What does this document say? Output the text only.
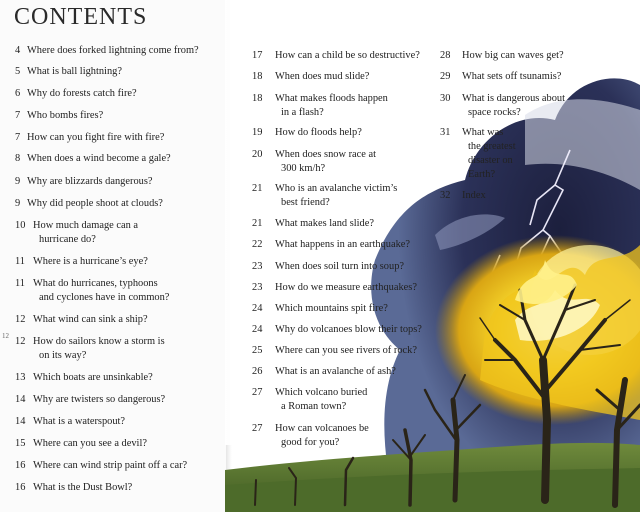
CONTENTS
12
4 Where does forked lightning come from?
5 What is ball lightning?
6 Why do forests catch fire?
7 Who bombs fires?
7 How can you fight fire with fire?
8 When does a wind become a gale?
9 Why are blizzards dangerous?
9 Why did people shoot at clouds?
10 How much damage can a
hurricane do?
11 Where is a hurricane’s eye?
11 What do hurricanes, typhoons
and cyclones have in common?
12 What wind can sink a ship?
12 How do sailors know a storm is
on its way?
13 Which boats are unsinkable?
14 Why are twisters so dangerous?
14 What is a waterspout?
15 Where can you see a devil?
16 Where can wind strip paint off a car?
16 What is the Dust Bowl?
17 How can a child be so destructive?
18 When does mud slide?
18 What makes floods happen
in a flash?
19 How do floods help?
20 When does snow race at
300 km/h?
21 Who is an avalanche victim’s
best friend?
21 What makes land slide?
22 What happens in an earthquake?
23 When does soil turn into soup?
23 How do we measure earthquakes?
24 Which mountains spit fire?
24 Why do volcanoes blow their tops?
25 Where can you see rivers of rock?
26 What is an avalanche of ash?
27 Which volcano buried
a Roman town?
27 How can volcanoes be
good for you?
28 How big can waves get?
29 What sets off tsunamis?
30 What is dangerous about
space rocks?
31 What was
the greatest
disaster on
Earth?
32 Index
